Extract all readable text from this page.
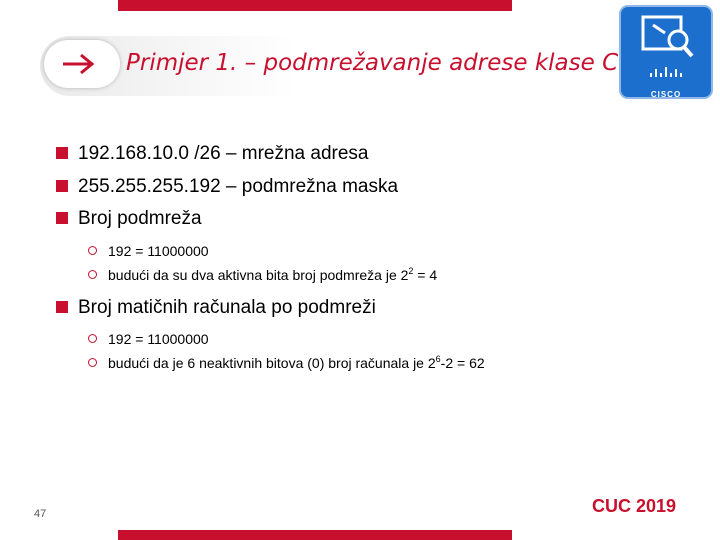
Primjer 1. – podmrežavanje adrese klase C
CISCO
192.168.10.0 /26 – mrežna adresa
255.255.255.192 – podmrežna maska
Broj podmreža
192 = 11000000
budući da su dva aktivna bita broj podmreža je $2^2 = 4$
Broj matičnih računala po podmreži
192 = 11000000
budući da je 6 neaktivnih bitova (0) broj računala je $2^6-2 = 62$
47	CUC 2019
